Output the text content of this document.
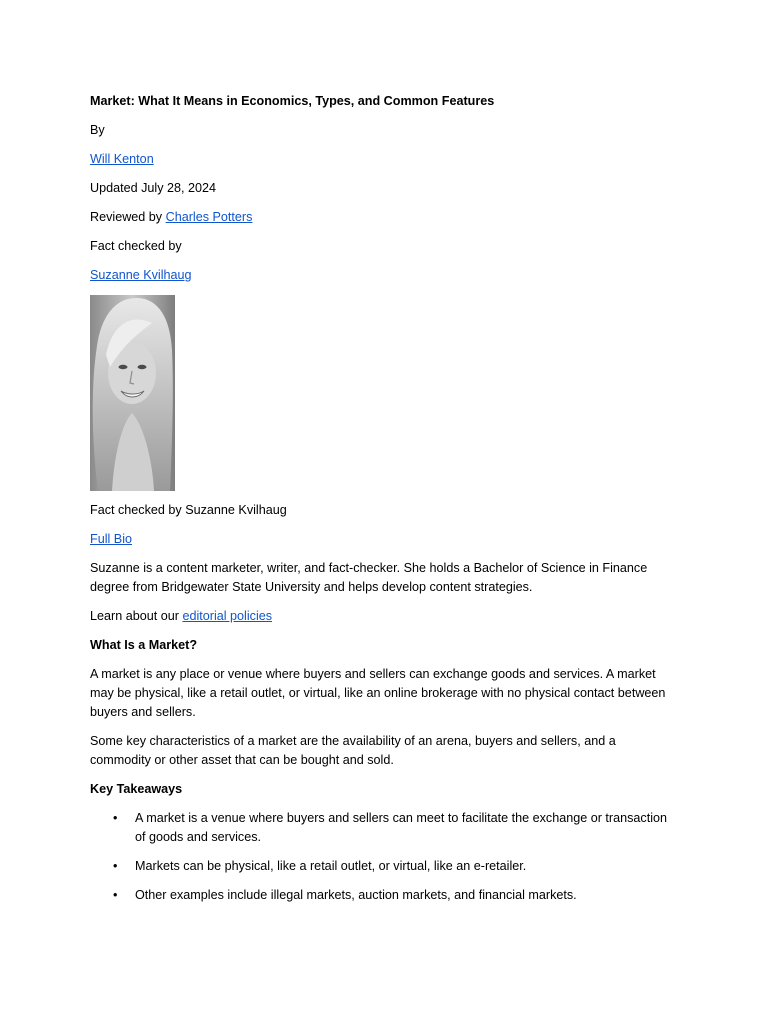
Market: What It Means in Economics, Types, and Common Features

By

Will Kenton

Updated July 28, 2024

Reviewed by Charles Potters

Fact checked by

Suzanne Kvilhaug

Fact checked by Suzanne Kvilhaug

Full Bio

Suzanne is a content marketer, writer, and fact-checker. She holds a Bachelor of Science in Finance degree from Bridgewater State University and helps develop content strategies.

Learn about our editorial policies

What Is a Market?

A market is any place or venue where buyers and sellers can exchange goods and services. A market may be physical, like a retail outlet, or virtual, like an online brokerage with no physical contact between buyers and sellers.

Some key characteristics of a market are the availability of an arena, buyers and sellers, and a commodity or other asset that can be bought and sold.

Key Takeaways

• A market is a venue where buyers and sellers can meet to facilitate the exchange or transaction of goods and services.
• Markets can be physical, like a retail outlet, or virtual, like an e-retailer.
• Other examples include illegal markets, auction markets, and financial markets.
